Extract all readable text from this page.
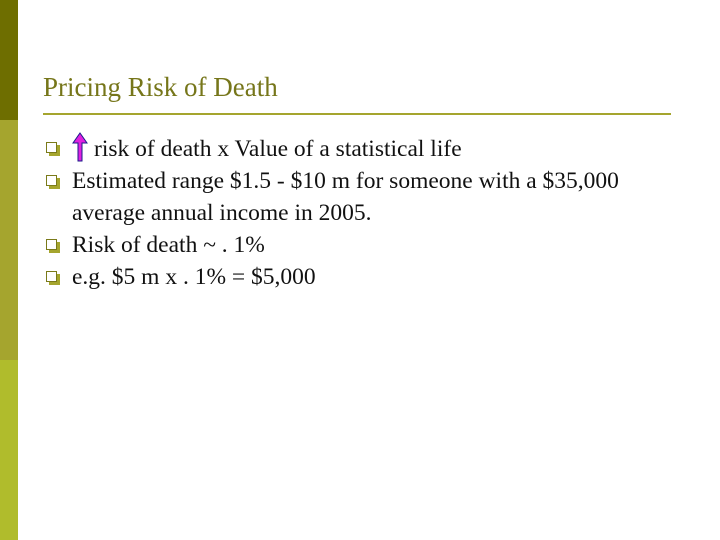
Pricing Risk of Death
risk of death x Value of a statistical life
Estimated range $1.5 - $10 m for someone with a $35,000 average annual income in 2005.
Risk of death ~ . 1%
e.g. $5 m x . 1% = $5,000
